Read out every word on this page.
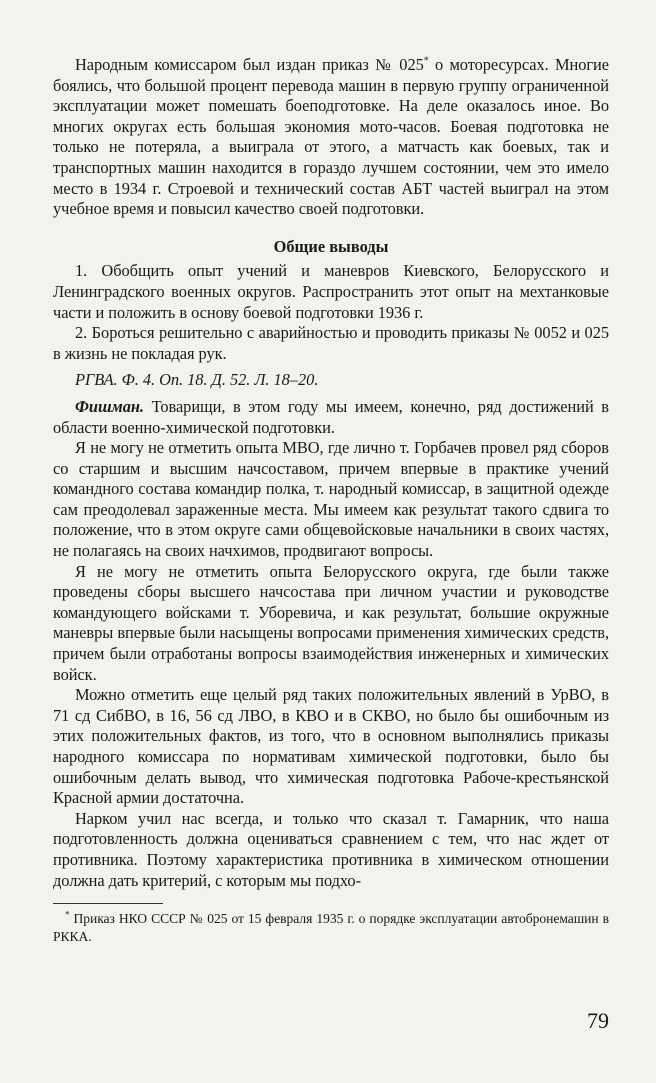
Народным комиссаром был издан приказ № 025* о моторесурсах. Многие боялись, что большой процент перевода машин в первую группу ограниченной эксплуатации может помешать боеподготовке. На деле оказалось иное. Во многих округах есть большая экономия мото-часов. Боевая подготовка не только не потеряла, а выиграла от этого, а матчасть как боевых, так и транспортных машин находится в гораздо лучшем состоянии, чем это имело место в 1934 г. Строевой и технический состав АБТ частей выиграл на этом учебное время и повысил качество своей подготовки.

Общие выводы

1. Обобщить опыт учений и маневров Киевского, Белорусского и Ленинградского военных округов. Распространить этот опыт на мехтанковые части и положить в основу боевой подготовки 1936 г.

2. Бороться решительно с аварийностью и проводить приказы № 0052 и 025 в жизнь не покладая рук.

РГВА. Ф. 4. Оп. 18. Д. 52. Л. 18–20.

Фишман. Товарищи, в этом году мы имеем, конечно, ряд достижений в области военно-химической подготовки.

Я не могу не отметить опыта МВО, где лично т. Горбачев провел ряд сборов со старшим и высшим начсоставом, причем впервые в практике учений командного состава командир полка, т. народный комиссар, в защитной одежде сам преодолевал зараженные места. Мы имеем как результат такого сдвига то положение, что в этом округе сами общевойсковые начальники в своих частях, не полагаясь на своих начхимов, продвигают вопросы.

Я не могу не отметить опыта Белорусского округа, где были также проведены сборы высшего начсостава при личном участии и руководстве командующего войсками т. Уборевича, и как результат, большие окружные маневры впервые были насыщены вопросами применения химических средств, причем были отработаны вопросы взаимодействия инженерных и химических войск.

Можно отметить еще целый ряд таких положительных явлений в УрВО, в 71 сд СибВО, в 16, 56 сд ЛВО, в КВО и в СКВО, но было бы ошибочным из этих положительных фактов, из того, что в основном выполнялись приказы народного комиссара по нормативам химической подготовки, было бы ошибочным делать вывод, что химическая подготовка Рабоче-крестьянской Красной армии достаточна.

Нарком учил нас всегда, и только что сказал т. Гамарник, что наша подготовленность должна оцениваться сравнением с тем, что нас ждет от противника. Поэтому характеристика противника в химическом отношении должна дать критерий, с которым мы подхо-

* Приказ НКО СССР № 025 от 15 февраля 1935 г. о порядке эксплуатации автобронемашин в РККА.

79
